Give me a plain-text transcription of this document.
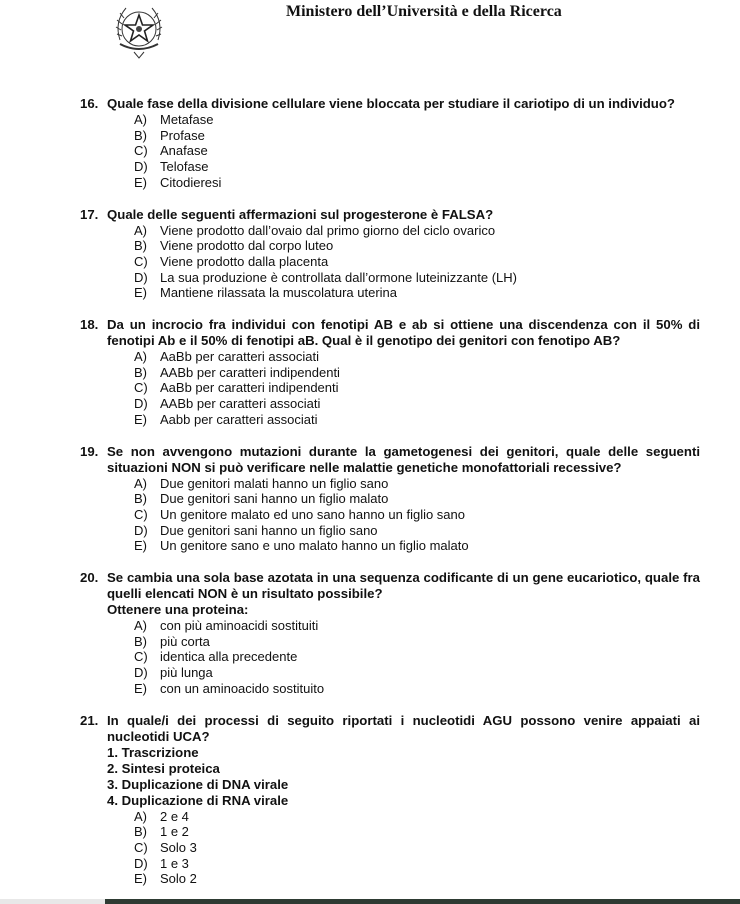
Ministero dell’Università e della Ricerca
16. Quale fase della divisione cellulare viene bloccata per studiare il cariotipo di un individuo?
A)	Metafase
B)	Profase
C) Anafase
D) Telofase
E)	Citodieresi
17. Quale delle seguenti affermazioni sul progesterone è FALSA?
A)	Viene prodotto dall’ovaio dal primo giorno del ciclo ovarico
B)	Viene prodotto dal corpo luteo
C) Viene prodotto dalla placenta
D) La sua produzione è controllata dall’ormone luteinizzante (LH)
E)	Mantiene rilassata la muscolatura uterina
18. Da un incrocio fra individui con fenotipi AB e ab si ottiene una discendenza con il 50% di fenotipi Ab e il 50% di fenotipi aB. Qual è il genotipo dei genitori con fenotipo AB?
A)	AaBb per caratteri associati
B)	AABb per caratteri indipendenti
C) AaBb per caratteri indipendenti
D) AABb per caratteri associati
E)	Aabb per caratteri associati
19. Se non avvengono mutazioni durante la gametogenesi dei genitori, quale delle seguenti situazioni NON si può verificare nelle malattie genetiche monofattoriali recessive?
A)	Due genitori malati hanno un figlio sano
B)	Due genitori sani hanno un figlio malato
C) Un genitore malato ed uno sano hanno un figlio sano
D) Due genitori sani hanno un figlio sano
E)	Un genitore sano e uno malato hanno un figlio malato
20. Se cambia una sola base azotata in una sequenza codificante di un gene eucariotico, quale fra quelli elencati NON è un risultato possibile?
Ottenere una proteina:
A)	con più aminoacidi sostituiti
B)	più corta
C) identica alla precedente
D) più lunga
E)	con un aminoacido sostituito
21. In quale/i dei processi di seguito riportati i nucleotidi AGU possono venire appaiati ai nucleotidi UCA?
1. Trascrizione
2. Sintesi proteica
3. Duplicazione di DNA virale
4. Duplicazione di RNA virale
A)	2 e 4
B)	1 e 2
C) Solo 3
D) 1 e 3
E)	Solo 2
